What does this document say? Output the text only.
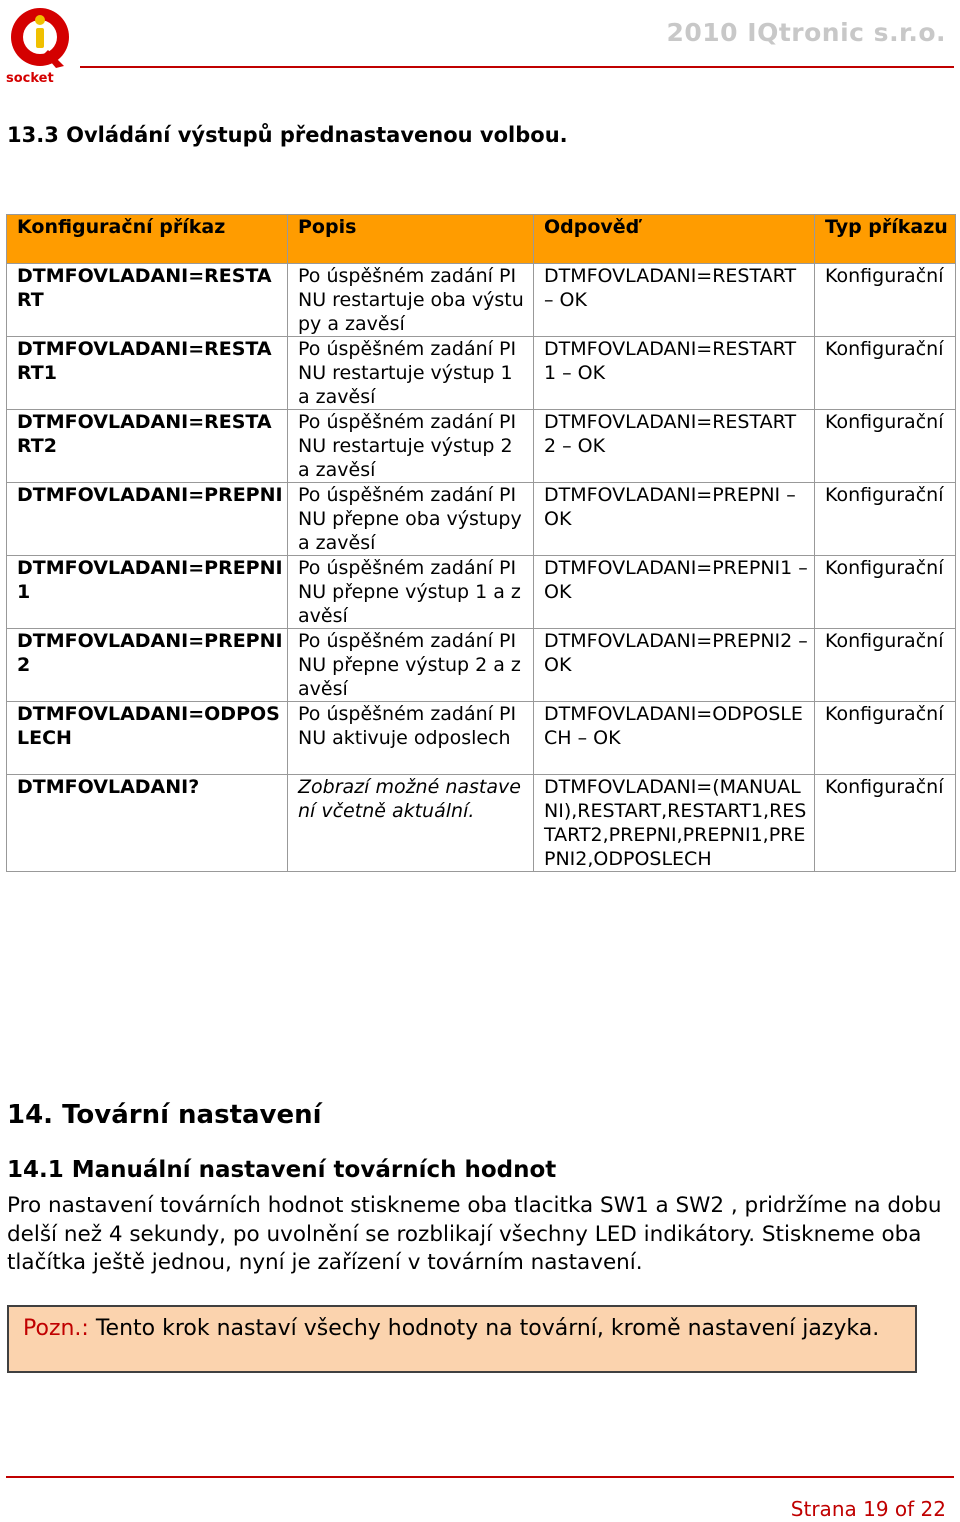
socket
2010 IQtronic s.r.o.
13.3 Ovládání výstupů přednastavenou volbou.
Konfigurační příkaz	Popis	Odpověď	Typ příkazu
DTMFOVLADANI=RESTART	Po úspěšném zadání PINU restartuje oba výstupy a zavěsí	DTMFOVLADANI=RESTART – OK	Konfigurační
DTMFOVLADANI=RESTART1	Po úspěšném zadání PINU restartuje výstup 1 a zavěsí	DTMFOVLADANI=RESTART 1 – OK	Konfigurační
DTMFOVLADANI=RESTART2	Po úspěšném zadání PINU restartuje výstup 2 a zavěsí	DTMFOVLADANI=RESTART 2 – OK	Konfigurační
DTMFOVLADANI=PREPNI	Po úspěšném zadání PINU přepne oba výstupy a zavěsí	DTMFOVLADANI=PREPNI – OK	Konfigurační
DTMFOVLADANI=PREPNI1	Po úspěšném zadání PINU přepne výstup 1 a zavěsí	DTMFOVLADANI=PREPNI1 – OK	Konfigurační
DTMFOVLADANI=PREPNI2	Po úspěšném zadání PINU přepne výstup 2 a zavěsí	DTMFOVLADANI=PREPNI2 – OK	Konfigurační
DTMFOVLADANI=ODPOSLECH	Po úspěšném zadání PINU aktivuje odposlech	DTMFOVLADANI=ODPOSLECH – OK	Konfigurační
DTMFOVLADANI?	Zobrazí možné nastavení včetně aktuální.	DTMFOVLADANI=(MANUALNI),RESTART,RESTART1,RESTART2,PREPNI,PREPNI1,PREPNI2,ODPOSLECH	Konfigurační
14. Tovární nastavení
14.1 Manuální nastavení továrních hodnot

Pro nastavení továrních hodnot stiskneme oba tlacitka SW1 a SW2 , pridržíme na dobu delší než 4 sekundy, po uvolnění se rozblikají všechny LED indikátory. Stiskneme oba tlačítka ještě jednou, nyní je zařízení v továrním nastavení.

Pozn.: Tento krok nastaví všechy hodnoty na tovární, kromě nastavení jazyka.
Strana 19 of 22
